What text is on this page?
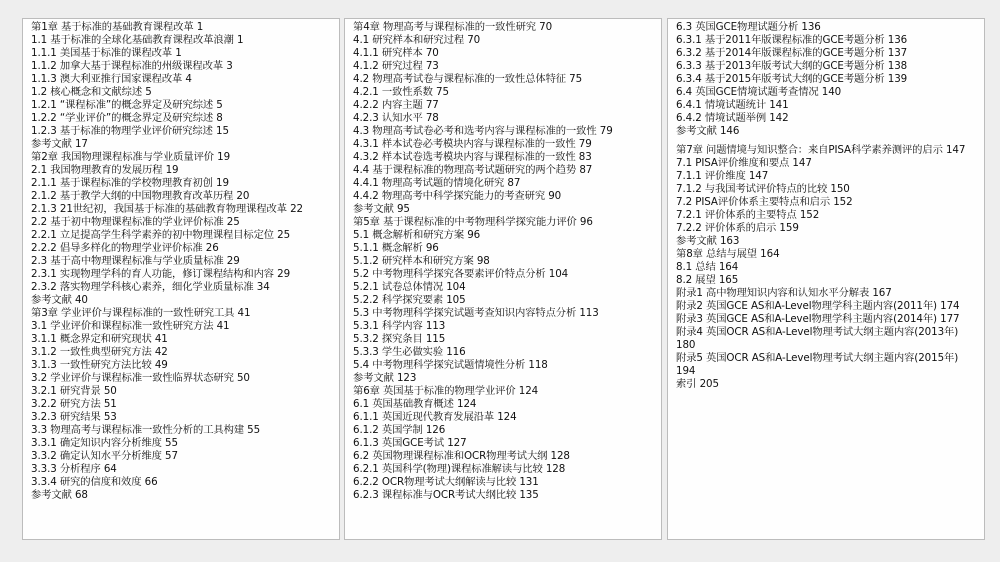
第1章 基于标准的基础教育课程改革 1
1.1 基于标准的全球化基础教育课程改革浪潮 1
1.1.1 美国基于标准的课程改革 1
1.1.2 加拿大基于课程标准的州级课程改革 3
1.1.3 澳大利亚推行国家课程改革 4
1.2 核心概念和文献综述 5
1.2.1 “课程标准”的概念界定及研究综述 5
1.2.2 “学业评价”的概念界定及研究综述 8
1.2.3 基于标准的物理学业评价研究综述 15
参考文献 17
第2章 我国物理课程标准与学业质量评价 19
2.1 我国物理教育的发展历程 19
2.1.1 基于课程标准的学校物理教育初创 19
2.1.2 基于教学大纲的中国物理教育改革历程 20
2.1.3 21世纪初，我国基于标准的基础教育物理课程改革 22
2.2 基于初中物理课程标准的学业评价标准 25
2.2.1 立足提高学生科学素养的初中物理课程目标定位 25
2.2.2 倡导多样化的物理学业评价标准 26
2.3 基于高中物理课程标准与学业质量标准 29
2.3.1 实现物理学科的育人功能，修订课程结构和内容 29
2.3.2 落实物理学科核心素养，细化学业质量标准 34
参考文献 40
第3章 学业评价与课程标准的一致性研究工具 41
3.1 学业评价和课程标准一致性研究方法 41
3.1.1 概念界定和研究现状 41
3.1.2 一致性典型研究方法 42
3.1.3 一致性研究方法比较 49
3.2 学业评价与课程标准一致性临界状态研究 50
3.2.1 研究背景 50
3.2.2 研究方法 51
3.2.3 研究结果 53
3.3 物理高考与课程标准一致性分析的工具构建 55
3.3.1 确定知识内容分析维度 55
3.3.2 确定认知水平分析维度 57
3.3.3 分析程序 64
3.3.4 研究的信度和效度 66
参考文献 68
第4章 物理高考与课程标准的一致性研究 70
4.1 研究样本和研究过程 70
4.1.1 研究样本 70
4.1.2 研究过程 73
4.2 物理高考试卷与课程标准的一致性总体特征 75
4.2.1 一致性系数 75
4.2.2 内容主题 77
4.2.3 认知水平 78
4.3 物理高考试卷必考和选考内容与课程标准的一致性 79
4.3.1 样本试卷必考模块内容与课程标准的一致性 79
4.3.2 样本试卷选考模块内容与课程标准的一致性 83
4.4 基于课程标准的物理高考试题研究的两个趋势 87
4.4.1 物理高考试题的情境化研究 87
4.4.2 物理高考中科学探究能力的考查研究 90
参考文献 95
第5章 基于课程标准的中考物理科学探究能力评价 96
5.1 概念解析和研究方案 96
5.1.1 概念解析 96
5.1.2 研究样本和研究方案 98
5.2 中考物理科学探究各要素评价特点分析 104
5.2.1 试卷总体情况 104
5.2.2 科学探究要素 105
5.3 中考物理科学探究试题考查知识内容特点分析 113
5.3.1 科学内容 113
5.3.2 探究条目 115
5.3.3 学生必做实验 116
5.4 中考物理科学探究试题情境性分析 118
参考文献 123
第6章 英国基于标准的物理学业评价 124
6.1 英国基础教育概述 124
6.1.1 英国近现代教育发展沿革 124
6.1.2 英国学制 126
6.1.3 英国GCE考试 127
6.2 英国物理课程标准和OCR物理考试大纲 128
6.2.1 英国科学(物理)课程标准解读与比较 128
6.2.2 OCR物理考试大纲解读与比较 131
6.2.3 课程标准与OCR考试大纲比较 135
6.3 英国GCE物理试题分析 136
6.3.1 基于2011年版课程标准的GCE考题分析 136
6.3.2 基于2014年版课程标准的GCE考题分析 137
6.3.3 基于2013年版考试大纲的GCE考题分析 138
6.3.4 基于2015年版考试大纲的GCE考题分析 139
6.4 英国GCE情境试题考查情况 140
6.4.1 情境试题统计 141
6.4.2 情境试题举例 142
参考文献 146
第7章 问题情境与知识整合：来自PISA科学素养测评的启示 147
7.1 PISA评价维度和要点 147
7.1.1 评价维度 147
7.1.2 与我国考试评价特点的比较 150
7.2 PISA评价体系主要特点和启示 152
7.2.1 评价体系的主要特点 152
7.2.2 评价体系的启示 159
参考文献 163
第8章 总结与展望 164
8.1 总结 164
8.2 展望 165
附录1 高中物理知识内容和认知水平分解表 167
附录2 英国GCE AS和A-Level物理学科主题内容(2011年) 174
附录3 英国GCE AS和A-Level物理学科主题内容(2014年) 177
附录4 英国OCR AS和A-Level物理考试大纲主题内容(2013年) 180
附录5 英国OCR AS和A-Level物理考试大纲主题内容(2015年) 194
索引 205
